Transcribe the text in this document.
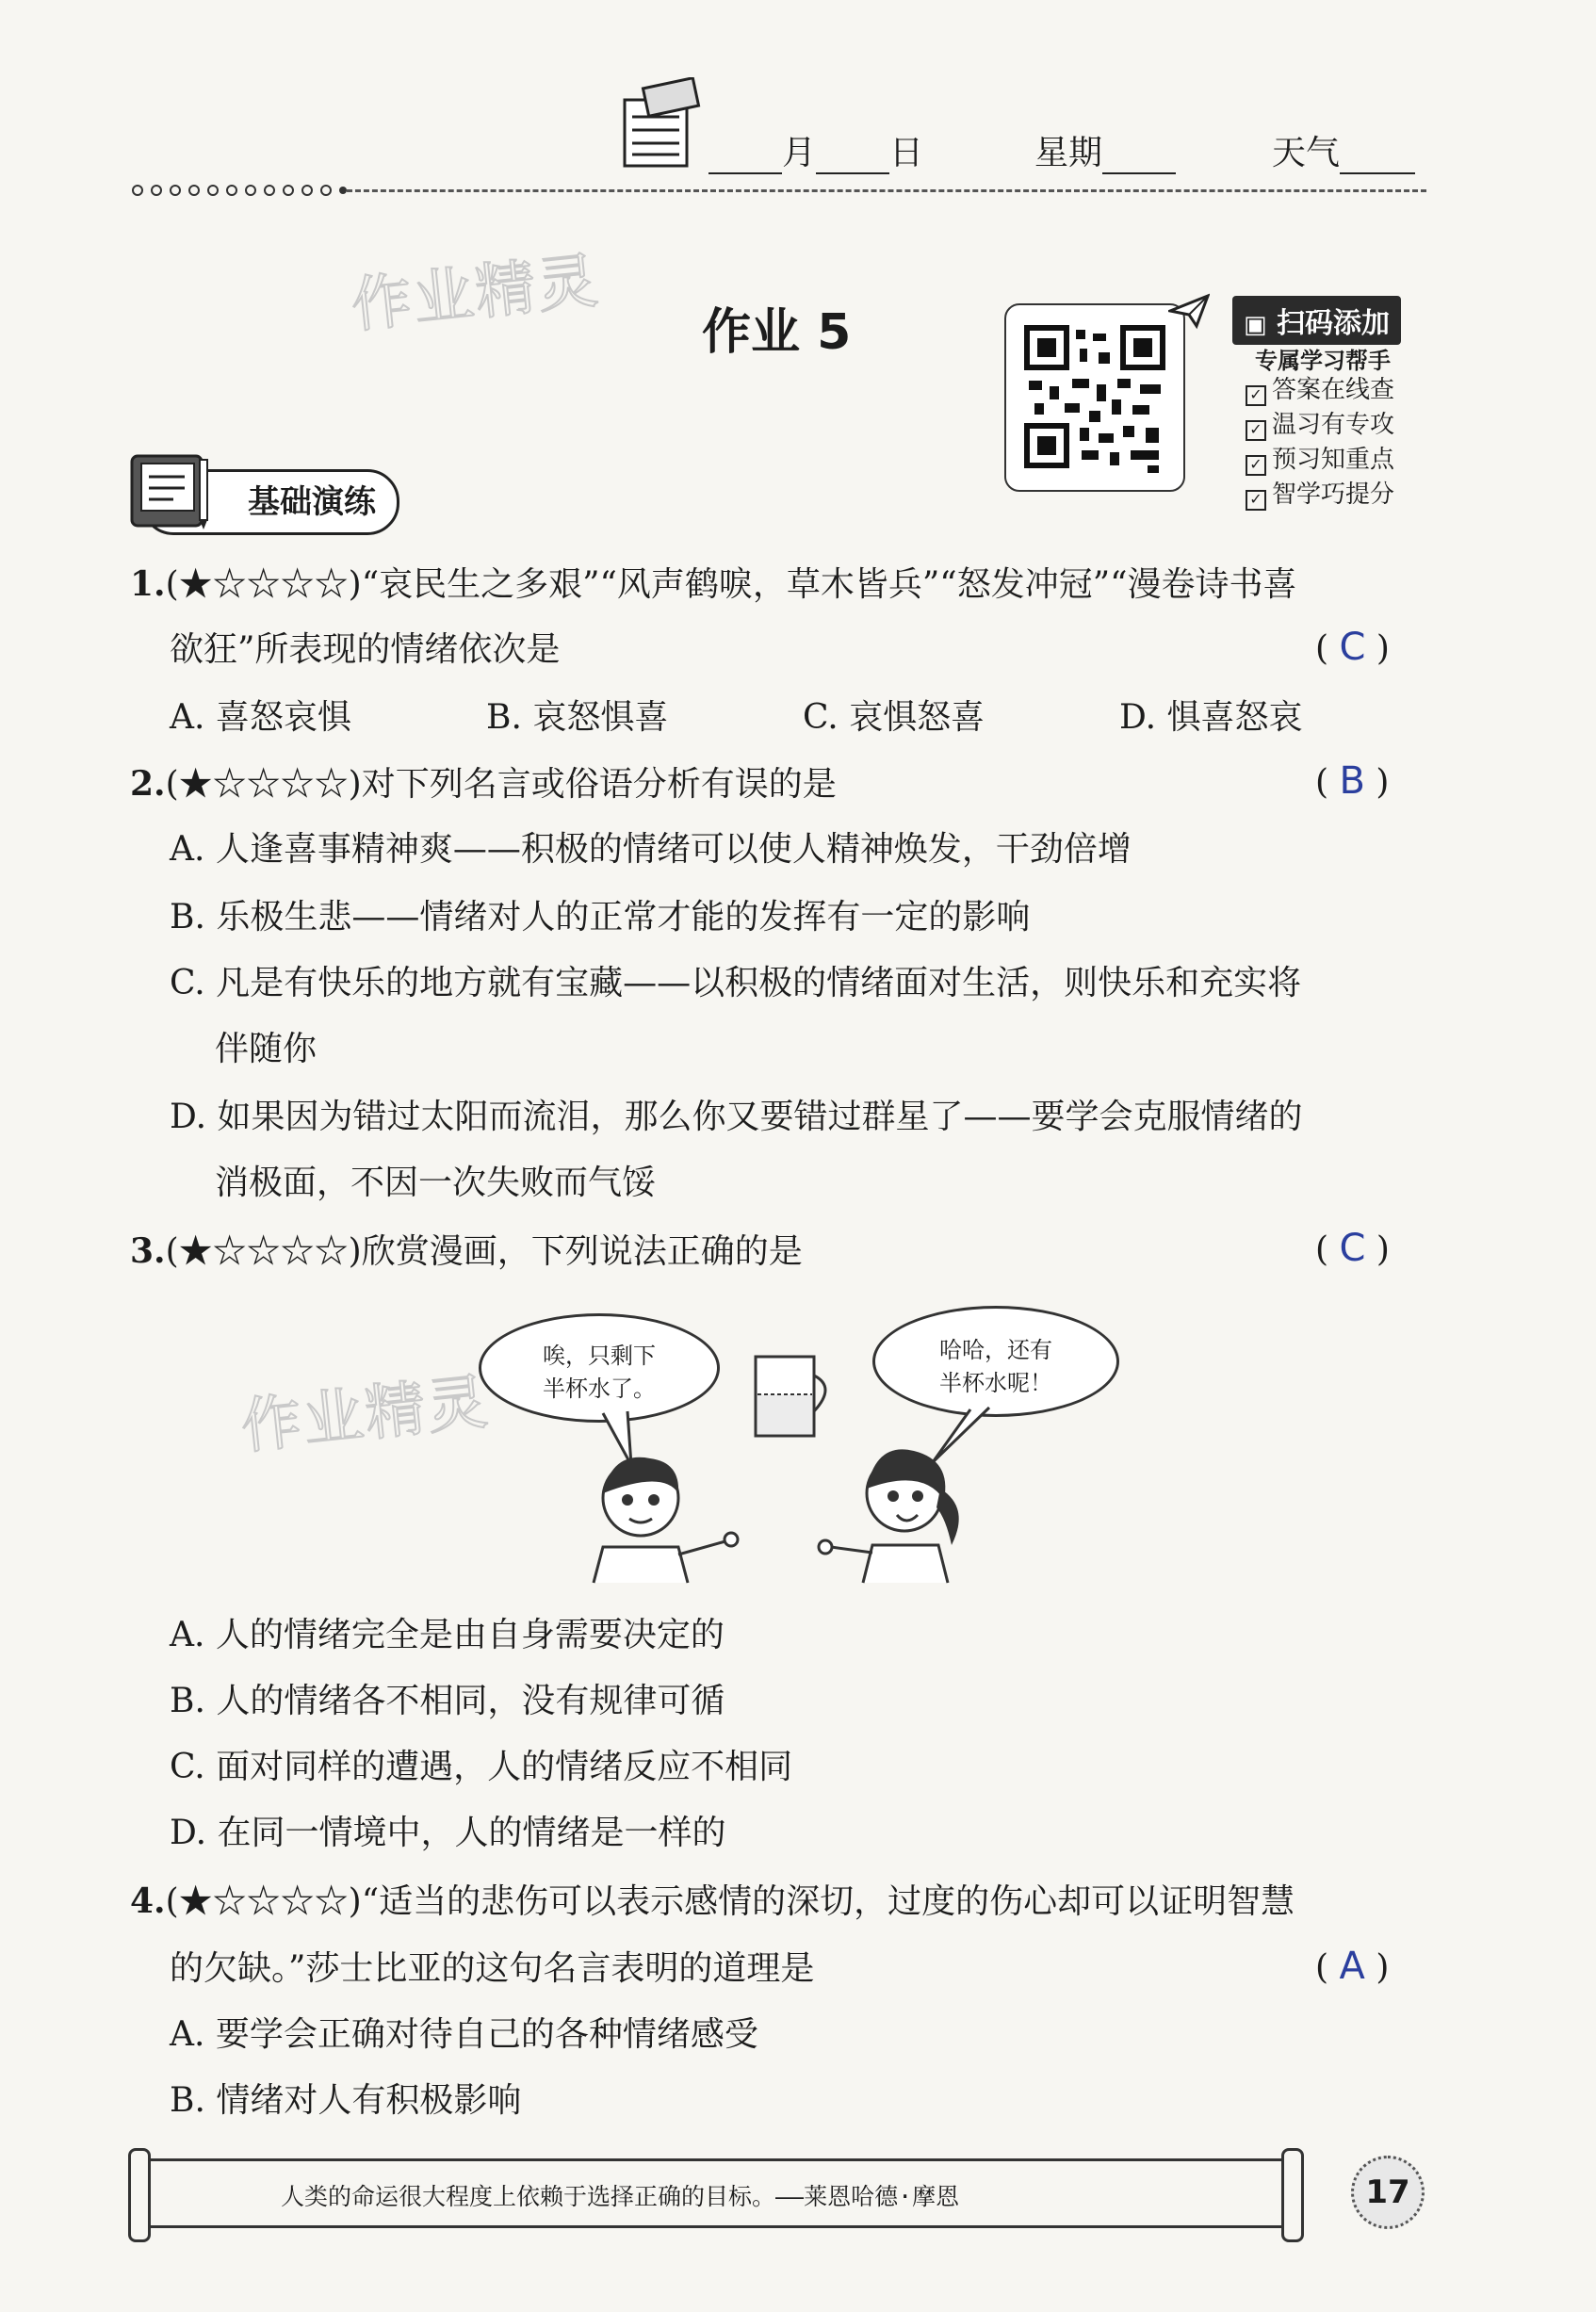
月 日	星期	天气
作业精灵
作业精灵
作业 5	▣ 扫码添加
专属学习帮手
✓ 答案在线查
✓ 温习有专攻
✓ 预习知重点
✓ 智学巧提分
基础演练
1.(★☆☆☆☆)“哀民生之多艰”“风声鹤唳，草木皆兵”“怒发冲冠”“漫卷诗书喜
欲狂”所表现的情绪依次是	( C )
A. 喜怒哀惧	B. 哀怒惧喜	C. 哀惧怒喜	D. 惧喜怒哀
2.(★☆☆☆☆)对下列名言或俗语分析有误的是	( B )
A. 人逢喜事精神爽——积极的情绪可以使人精神焕发，干劲倍增
B. 乐极生悲——情绪对人的正常才能的发挥有一定的影响
C. 凡是有快乐的地方就有宝藏——以积极的情绪面对生活，则快乐和充实将
伴随你
D. 如果因为错过太阳而流泪，那么你又要错过群星了——要学会克服情绪的
消极面，不因一次失败而气馁
3.(★☆☆☆☆)欣赏漫画，下列说法正确的是	( C )
唉，只剩下
半杯水了。
哈哈，还有
半杯水呢！
A. 人的情绪完全是由自身需要决定的
B. 人的情绪各不相同，没有规律可循
C. 面对同样的遭遇，人的情绪反应不相同
D. 在同一情境中，人的情绪是一样的
4.(★☆☆☆☆)“适当的悲伤可以表示感情的深切，过度的伤心却可以证明智慧
的欠缺。”莎士比亚的这句名言表明的道理是	( A )
A. 要学会正确对待自己的各种情绪感受
B. 情绪对人有积极影响
人类的命运很大程度上依赖于选择正确的目标。——莱恩哈德·摩恩	17
